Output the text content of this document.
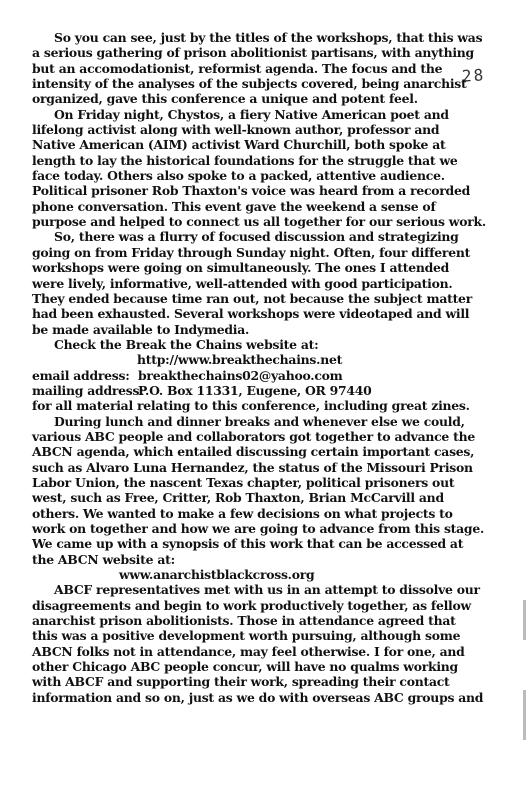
28
So you can see, just by the titles of the workshops, that this was
a serious gathering of prison abolitionist partisans, with anything
but an accomodationist, reformist agenda. The focus and the
intensity of the analyses of the subjects covered, being anarchist
organized, gave this conference a unique and potent feel.
On Friday night, Chystos, a fiery Native American poet and
lifelong activist along with well-known author, professor and
Native American (AIM) activist Ward Churchill, both spoke at
length to lay the historical foundations for the struggle that we
face today. Others also spoke to a packed, attentive audience.
Political prisoner Rob Thaxton's voice was heard from a recorded
phone conversation. This event gave the weekend a sense of
purpose and helped to connect us all together for our serious work.
So, there was a flurry of focused discussion and strategizing
going on from Friday through Sunday night. Often, four different
workshops were going on simultaneously. The ones I attended
were lively, informative, well-attended with good participation.
They ended because time ran out, not because the subject matter
had been exhausted. Several workshops were videotaped and will
be made available to Indymedia.
Check the Break the Chains website at:
http://www.breakthechains.net
email address: breakthechains02@yahoo.com
mailing address:
P.O. Box 11331, Eugene, OR 97440
for all material relating to this conference, including great zines.
During lunch and dinner breaks and whenever else we could,
various ABC people and collaborators got together to advance the
ABCN agenda, which entailed discussing certain important cases,
such as Alvaro Luna Hernandez, the status of the Missouri Prison
Labor Union, the nascent Texas chapter, political prisoners out
west, such as Free, Critter, Rob Thaxton, Brian McCarvill and
others. We wanted to make a few decisions on what projects to
work on together and how we are going to advance from this stage.
We came up with a synopsis of this work that can be accessed at
the ABCN website at:
www.anarchistblackcross.org
ABCF representatives met with us in an attempt to dissolve our
disagreements and begin to work productively together, as fellow
anarchist prison abolitionists. Those in attendance agreed that
this was a positive development worth pursuing, although some
ABCN folks not in attendance, may feel otherwise. I for one, and
other Chicago ABC people concur, will have no qualms working
with ABCF and supporting their work, spreading their contact
information and so on, just as we do with overseas ABC groups and
